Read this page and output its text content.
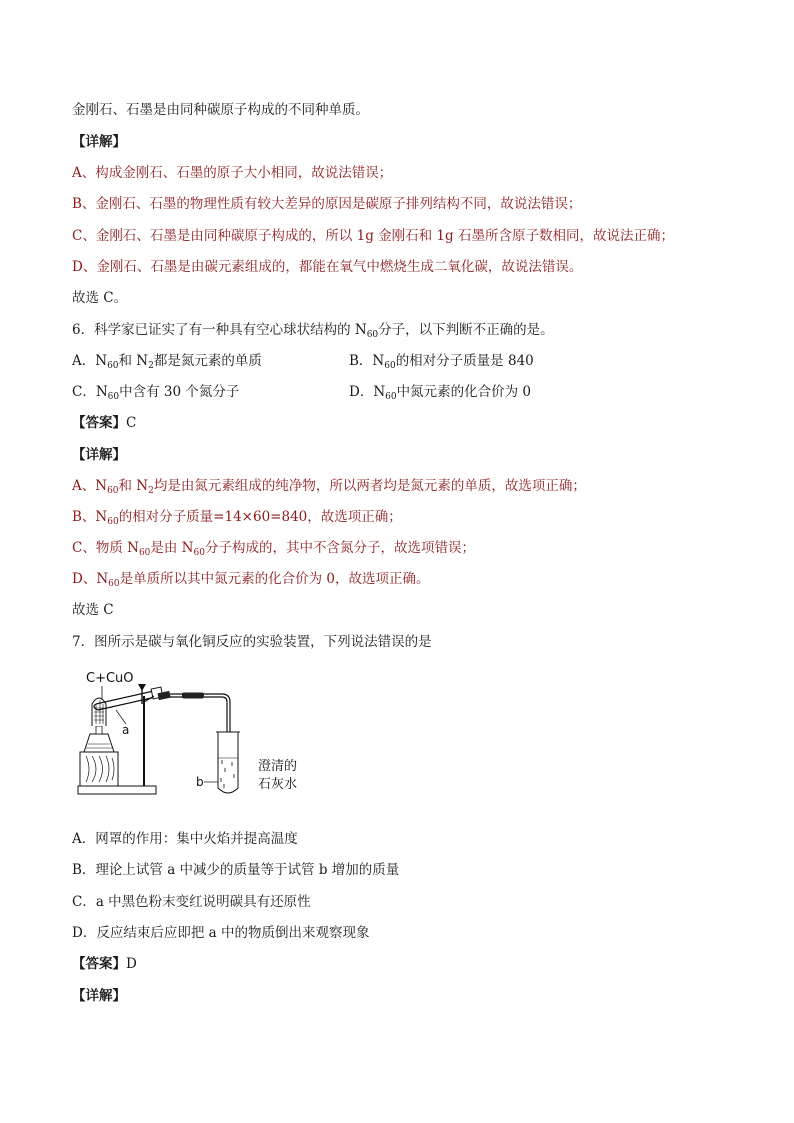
金刚石、石墨是由同种碳原子构成的不同种单质。
【详解】
A、构成金刚石、石墨的原子大小相同，故说法错误；
B、金刚石、石墨的物理性质有较大差异的原因是碳原子排列结构不同，故说法错误；
C、金刚石、石墨是由同种碳原子构成的，所以 1g 金刚石和 1g 石墨所含原子数相同，故说法正确；
D、金刚石、石墨是由碳元素组成的，都能在氧气中燃烧生成二氧化碳，故说法错误。
故选 C。
6．科学家已证实了有一种具有空心球状结构的 $N_{60}$分子，以下判断不正确的是。
A．$N_{60}$和 $N_2$都是氮元素的单质	B．$N_{60}$的相对分子质量是 840
C．$N_{60}$中含有 30 个氮分子	D．$N_{60}$中氮元素的化合价为 0
【答案】C
【详解】
A、$N_{60}$和 $N_2$均是由氮元素组成的纯净物，所以两者均是氮元素的单质，故选项正确；
B、$N_{60}$的相对分子质量=14×60=840，故选项正确；
C、物质 $N_{60}$是由 $N_{60}$分子构成的，其中不含氮分子，故选项错误；
D、$N_{60}$是单质所以其中氮元素的化合价为 0，故选项正确。
故选 C
7．图所示是碳与氧化铜反应的实验装置，下列说法错误的是
C+CuO
a
b
澄清的
石灰水
A．网罩的作用：集中火焰并提高温度
B．理论上试管 a 中减少的质量等于试管 b 增加的质量
C．a 中黑色粉末变红说明碳具有还原性
D．反应结束后应即把 a 中的物质倒出来观察现象
【答案】D
【详解】
